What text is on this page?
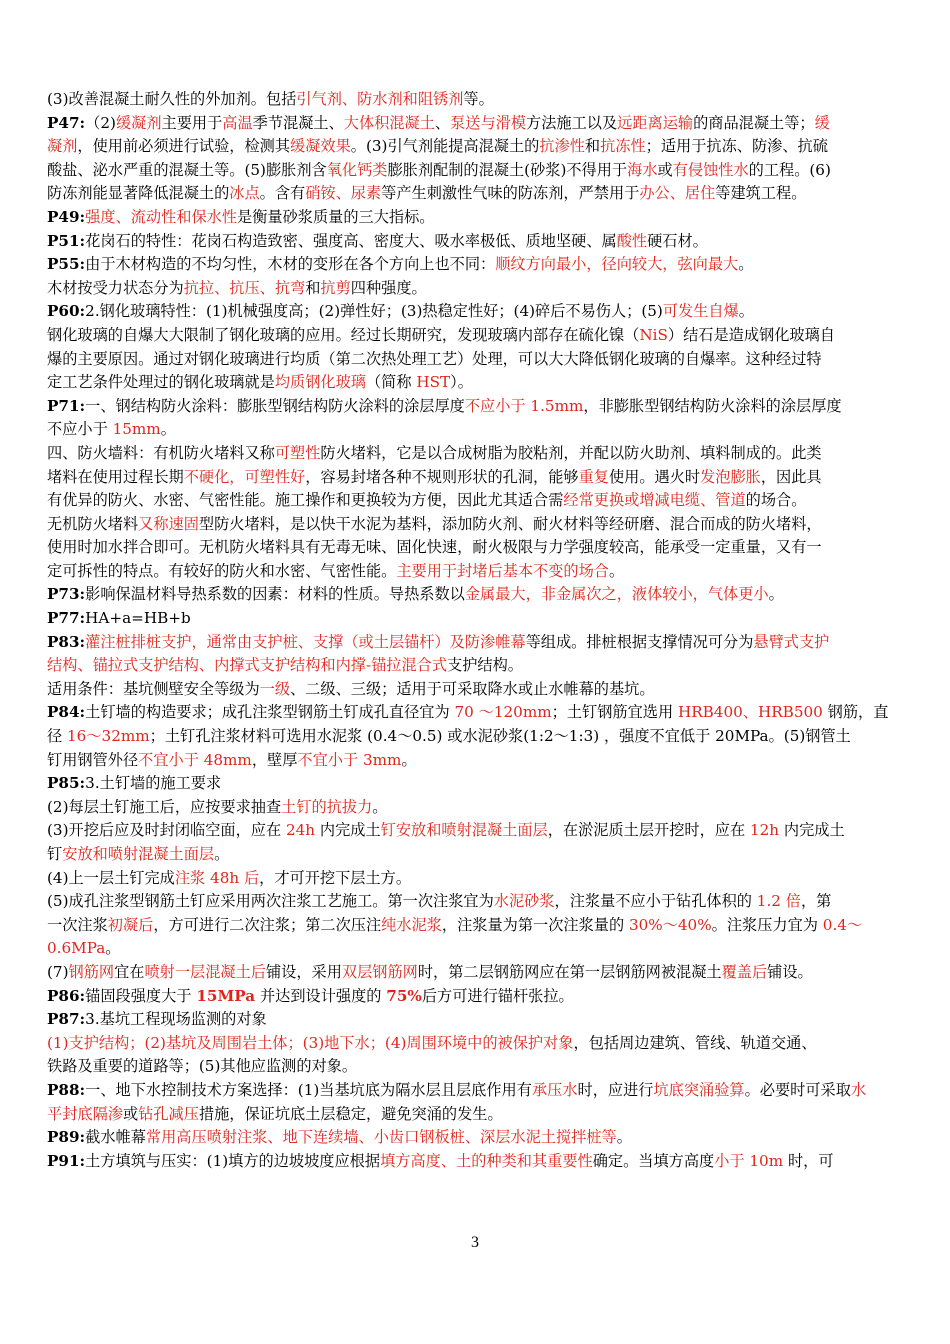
(3)改善混凝土耐久性的外加剂。包括引气剂、防水剂和阻锈剂等。
P47:（2)缓凝剂主要用于高温季节混凝土、大体积混凝土、泵送与滑模方法施工以及远距离运输的商品混凝土等；缓
凝剂，使用前必须进行试验，检测其缓凝效果。(3)引气剂能提高混凝土的抗渗性和抗冻性；适用于抗冻、防渗、抗硫
酸盐、泌水严重的混凝土等。(5)膨胀剂含氧化钙类膨胀剂配制的混凝土(砂浆)不得用于海水或有侵蚀性水的工程。(6)
防冻剂能显著降低混凝土的冰点。含有硝铵、尿素等产生刺激性气味的防冻剂，严禁用于办公、居住等建筑工程。
P49:强度、流动性和保水性是衡量砂浆质量的三大指标。
P51:花岗石的特性：花岗石构造致密、强度高、密度大、吸水率极低、质地坚硬、属酸性硬石材。
P55:由于木材构造的不均匀性，木材的变形在各个方向上也不同：顺纹方向最小，径向较大，弦向最大。
木材按受力状态分为抗拉、抗压、抗弯和抗剪四种强度。
P60:2.钢化玻璃特性：(1)机械强度高；(2)弹性好；(3)热稳定性好；(4)碎后不易伤人；(5)可发生自爆。
钢化玻璃的自爆大大限制了钢化玻璃的应用。经过长期研究，发现玻璃内部存在硫化镍（NiS）结石是造成钢化玻璃自
爆的主要原因。通过对钢化玻璃进行均质（第二次热处理工艺）处理，可以大大降低钢化玻璃的自爆率。这种经过特
定工艺条件处理过的钢化玻璃就是均质钢化玻璃（简称 HST）。
P71:一、钢结构防火涂料：膨胀型钢结构防火涂料的涂层厚度不应小于 1.5mm，非膨胀型钢结构防火涂料的涂层厚度
不应小于 15mm。
四、防火墙料：有机防火堵料又称可塑性防火堵料，它是以合成树脂为胶粘剂，并配以防火助剂、填料制成的。此类
堵料在使用过程长期不硬化，可塑性好，容易封堵各种不规则形状的孔洞，能够重复使用。遇火时发泡膨胀，因此具
有优异的防火、水密、气密性能。施工操作和更换较为方便，因此尤其适合需经常更换或增减电缆、管道的场合。
无机防火堵料又称速固型防火堵料，是以快干水泥为基料，添加防火剂、耐火材料等经研磨、混合而成的防火堵料，
使用时加水拌合即可。无机防火堵料具有无毒无味、固化快速，耐火极限与力学强度较高，能承受一定重量，又有一
定可拆性的特点。有较好的防火和水密、气密性能。主要用于封堵后基本不变的场合。
P73:影响保温材料导热系数的因素：材料的性质。导热系数以金属最大，非金属次之，液体较小，气体更小。
P77:HA+a=HB+b
P83:灌注桩排桩支护，通常由支护桩、支撑（或土层锚杆）及防渗帷幕等组成。排桩根据支撑情况可分为悬臂式支护
结构、锚拉式支护结构、内撑式支护结构和内撑-锚拉混合式支护结构。
适用条件：基坑侧壁安全等级为一级、二级、三级；适用于可采取降水或止水帷幕的基坑。
P84:土钉墙的构造要求；成孔注浆型钢筋土钉成孔直径宜为 70 ～120mm；土钉钢筋宜选用 HRB400、HRB500 钢筋，直
径 16～32mm；土钉孔注浆材料可选用水泥浆 (0.4～0.5) 或水泥砂浆(1:2～1:3) ，强度不宜低于 20MPa。(5)钢管土
钉用钢管外径不宜小于 48mm，壁厚不宜小于 3mm。
P85:3.土钉墙的施工要求
(2)每层土钉施工后，应按要求抽查土钉的抗拔力。
(3)开挖后应及时封闭临空面，应在 24h 内完成土钉安放和喷射混凝土面层，在淤泥质土层开挖时，应在 12h 内完成土
钉安放和喷射混凝土面层。
(4)上一层土钉完成注浆 48h 后，才可开挖下层土方。
(5)成孔注浆型钢筋土钉应采用两次注浆工艺施工。第一次注浆宜为水泥砂浆，注浆量不应小于钻孔体积的 1.2 倍，第
一次注浆初凝后，方可进行二次注浆；第二次压注纯水泥浆，注浆量为第一次注浆量的 30%～40%。注浆压力宜为 0.4～
0.6MPa。
(7)钢筋网宜在喷射一层混凝土后铺设，采用双层钢筋网时，第二层钢筋网应在第一层钢筋网被混凝土覆盖后铺设。
P86:锚固段强度大于 15MPa 并达到设计强度的 75%后方可进行锚杆张拉。
P87:3.基坑工程现场监测的对象
(1)支护结构；(2)基坑及周围岩土体；(3)地下水；(4)周围环境中的被保护对象，包括周边建筑、管线、轨道交通、
铁路及重要的道路等；(5)其他应监测的对象。
P88:一、地下水控制技术方案选择：(1)当基坑底为隔水层且层底作用有承压水时，应进行坑底突涌验算。必要时可采取水
平封底隔渗或钻孔减压措施，保证坑底土层稳定，避免突涌的发生。
P89:截水帷幕常用高压喷射注浆、地下连续墙、小齿口钢板桩、深层水泥土搅拌桩等。
P91:土方填筑与压实：(1)填方的边坡坡度应根据填方高度、土的种类和其重要性确定。当填方高度小于 10m 时，可
3
